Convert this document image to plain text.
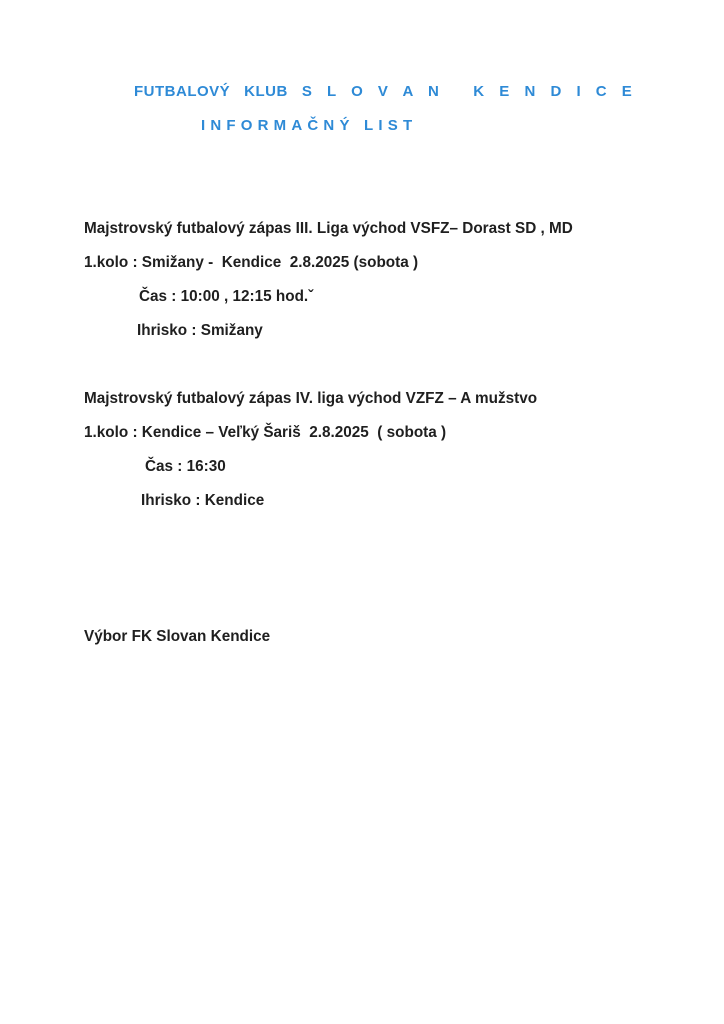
FUTBALOVÝ   KLUB S L O V A N   K E N D I C E
INFORMAČNÝ LIST
Majstrovský futbalový zápas III. Liga východ VSFZ– Dorast SD , MD
1.kolo : Smižany -  Kendice  2.8.2025 (sobota )
Čas : 10:00 , 12:15 hod.ˇ
Ihrisko : Smižany
Majstrovský futbalový zápas IV. liga východ VZFZ – A mužstvo
1.kolo : Kendice – Veľký Šariš  2.8.2025  ( sobota )
Čas : 16:30
Ihrisko : Kendice
Výbor FK Slovan Kendice
